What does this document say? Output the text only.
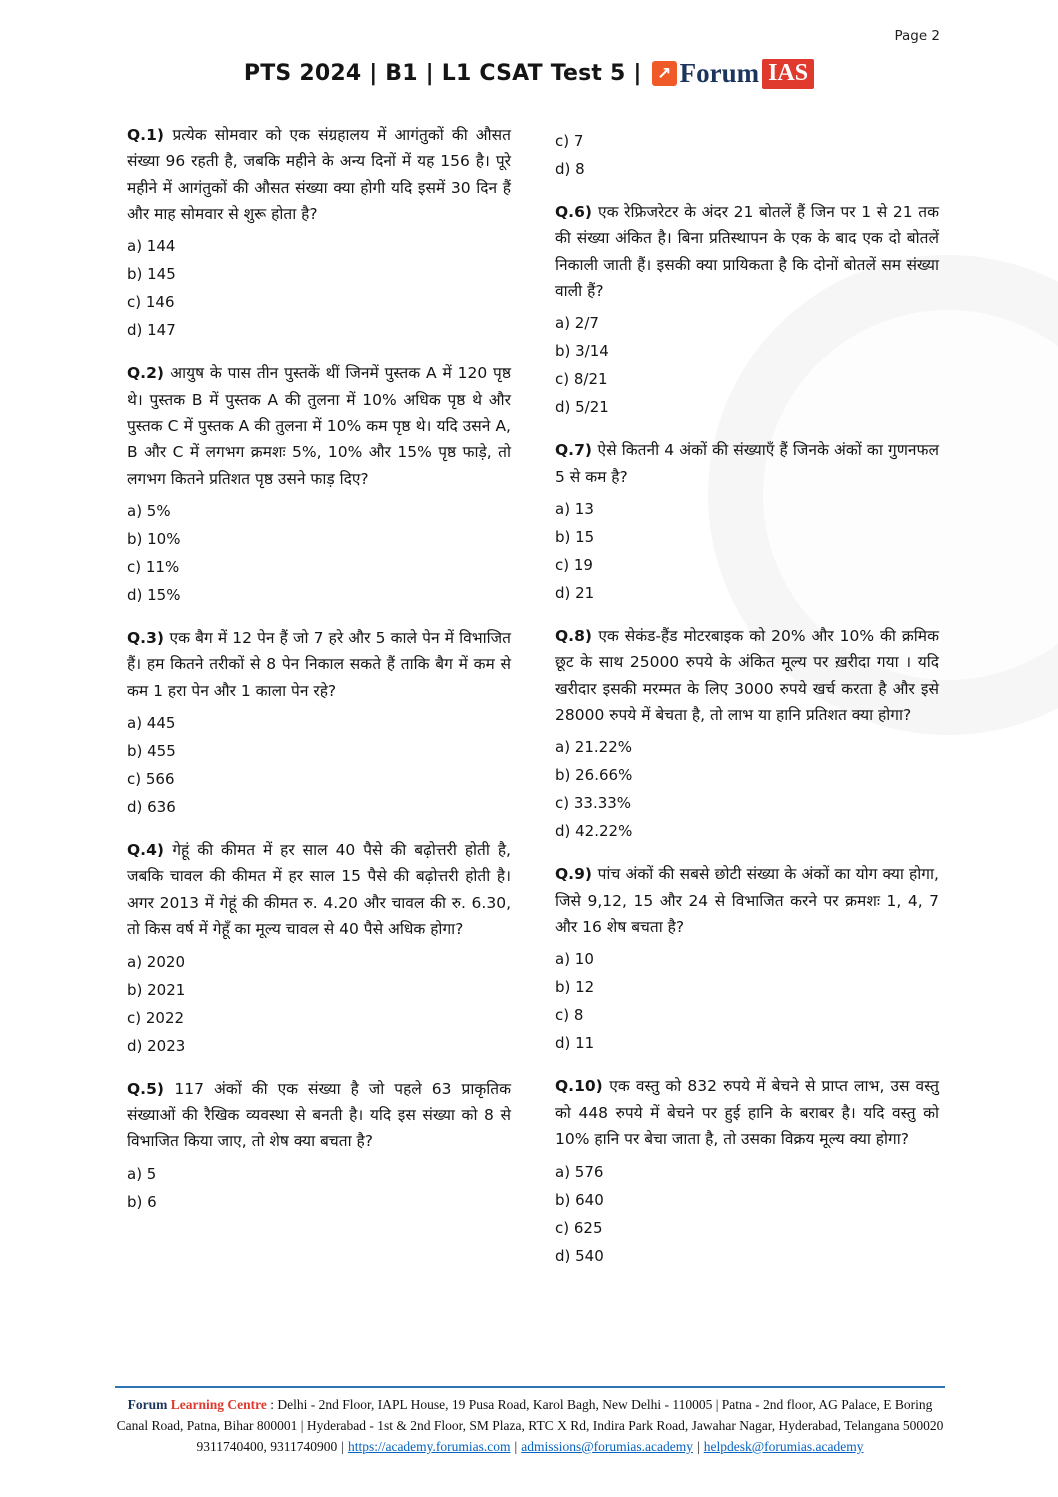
Page 2
PTS 2024 | B1 | L1 CSAT Test 5 | ↗ Forum IAS

Q.1) प्रत्येक सोमवार को एक संग्रहालय में आगंतुकों की औसत संख्या 96 रहती है, जबकि महीने के अन्य दिनों में यह 156 है। पूरे महीने में आगंतुकों की औसत संख्या क्या होगी यदि इसमें 30 दिन हैं और माह सोमवार से शुरू होता है?

a) 144
b) 145
c) 146
d) 147

Q.2) आयुष के पास तीन पुस्तकें थीं जिनमें पुस्तक A में 120 पृष्ठ थे। पुस्तक B में पुस्तक A की तुलना में 10% अधिक पृष्ठ थे और पुस्तक C में पुस्तक A की तुलना में 10% कम पृष्ठ थे। यदि उसने A, B और C में लगभग क्रमशः 5%, 10% और 15% पृष्ठ फाड़े, तो लगभग कितने प्रतिशत पृष्ठ उसने फाड़ दिए?

a) 5%
b) 10%
c) 11%
d) 15%

Q.3) एक बैग में 12 पेन हैं जो 7 हरे और 5 काले पेन में विभाजित हैं। हम कितने तरीकों से 8 पेन निकाल सकते हैं ताकि बैग में कम से कम 1 हरा पेन और 1 काला पेन रहे?

a) 445
b) 455
c) 566
d) 636

Q.4) गेहूं की कीमत में हर साल 40 पैसे की बढ़ोत्तरी होती है, जबकि चावल की कीमत में हर साल 15 पैसे की बढ़ोत्तरी होती है। अगर 2013 में गेहूं की कीमत रु. 4.20 और चावल की रु. 6.30, तो किस वर्ष में गेहूँ का मूल्य चावल से 40 पैसे अधिक होगा?

a) 2020
b) 2021
c) 2022
d) 2023

Q.5) 117 अंकों की एक संख्या है जो पहले 63 प्राकृतिक संख्याओं की रैखिक व्यवस्था से बनती है। यदि इस संख्या को 8 से विभाजित किया जाए, तो शेष क्या बचता है?

a) 5
b) 6
c) 7
d) 8

Q.6) एक रेफ्रिजरेटर के अंदर 21 बोतलें हैं जिन पर 1 से 21 तक की संख्या अंकित है। बिना प्रतिस्थापन के एक के बाद एक दो बोतलें निकाली जाती हैं। इसकी क्या प्रायिकता है कि दोनों बोतलें सम संख्या वाली हैं?

a) 2/7
b) 3/14
c) 8/21
d) 5/21

Q.7) ऐसे कितनी 4 अंकों की संख्याएँ हैं जिनके अंकों का गुणनफल 5 से कम है?

a) 13
b) 15
c) 19
d) 21

Q.8) एक सेकंड-हैंड मोटरबाइक को 20% और 10% की क्रमिक छूट के साथ 25000 रुपये के अंकित मूल्य पर ख़रीदा गया । यदि खरीदार इसकी मरम्मत के लिए 3000 रुपये खर्च करता है और इसे 28000 रुपये में बेचता है, तो लाभ या हानि प्रतिशत क्या होगा?

a) 21.22%
b) 26.66%
c) 33.33%
d) 42.22%

Q.9) पांच अंकों की सबसे छोटी संख्या के अंकों का योग क्या होगा, जिसे 9,12, 15 और 24 से विभाजित करने पर क्रमशः 1, 4, 7 और 16 शेष बचता है?

a) 10
b) 12
c) 8
d) 11

Q.10) एक वस्तु को 832 रुपये में बेचने से प्राप्त लाभ, उस वस्तु को 448 रुपये में बेचने पर हुई हानि के बराबर है। यदि वस्तु को 10% हानि पर बेचा जाता है, तो उसका विक्रय मूल्य क्या होगा?

a) 576
b) 640
c) 625
d) 540

Forum Learning Centre : Delhi - 2nd Floor, IAPL House, 19 Pusa Road, Karol Bagh, New Delhi - 110005 | Patna - 2nd floor, AG Palace, E Boring Canal Road, Patna, Bihar 800001 | Hyderabad - 1st & 2nd Floor, SM Plaza, RTC X Rd, Indira Park Road, Jawahar Nagar, Hyderabad, Telangana 500020

9311740400, 9311740900 | https://academy.forumias.com | admissions@forumias.academy | helpdesk@forumias.academy
